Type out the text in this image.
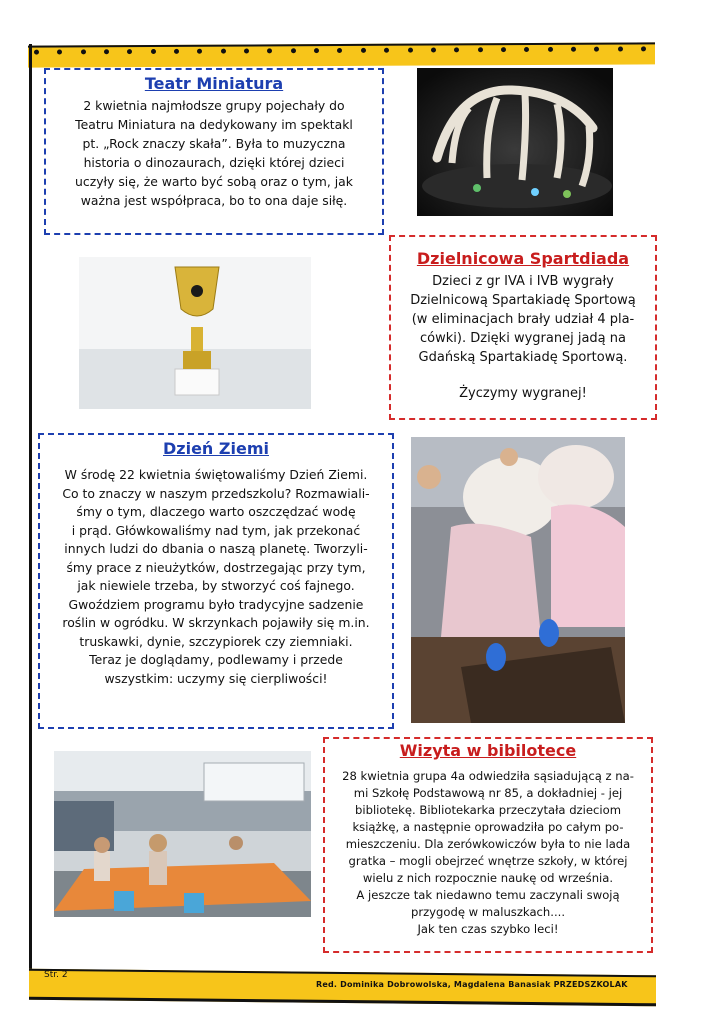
Teatr Miniatura

2 kwietnia najmłodsze grupy pojechały do

Teatru Miniatura na dedykowany im spektakl

pt. „Rock znaczy skała”. Była to muzyczna

historia o dinozaurach, dzięki której dzieci

uczyły się, że warto być sobą oraz o tym, jak

ważna jest współpraca, bo to ona daje siłę.

Dzielnicowa Spartdiada

Dzieci z gr IVA i IVB wygrały

Dzielnicową Spartakiadę Sportową

(w eliminacjach brały udział 4 pla-

cówki). Dzięki wygranej jadą na

Gdańską Spartakiadę Sportową.

Życzymy wygranej!

Dzień Ziemi

W środę 22 kwietnia świętowaliśmy Dzień Ziemi.

Co to znaczy w naszym przedszkolu? Rozmawiali-

śmy o tym, dlaczego warto oszczędzać wodę

i prąd. Główkowaliśmy nad tym, jak przekonać

innych ludzi do dbania o naszą planetę. Tworzyli-

śmy prace z nieużytków, dostrzegając przy tym,

jak niewiele trzeba, by stworzyć coś fajnego.

Gwoździem programu było tradycyjne sadzenie

roślin w ogródku. W skrzynkach pojawiły się m.in.

truskawki, dynie, szczypiorek czy ziemniaki.

Teraz je doglądamy, podlewamy i przede

wszystkim: uczymy się cierpliwości!

Wizyta w bibilotece

28 kwietnia grupa 4a odwiedziła sąsiadującą z na-

mi Szkołę Podstawową nr 85, a dokładniej - jej

bibliotekę. Bibliotekarka przeczytała dzieciom

książkę, a następnie oprowadziła po całym po-

mieszczeniu. Dla zerówkowiczów była to nie lada

gratka – mogli obejrzeć wnętrze szkoły, w której

wielu z nich rozpocznie naukę od września.

A jeszcze tak niedawno temu zaczynali swoją

przygodę w maluszkach....

Jak ten czas szybko leci!

Str. 2
Red. Dominika Dobrowolska, Magdalena Banasiak PRZEDSZKOLAK
